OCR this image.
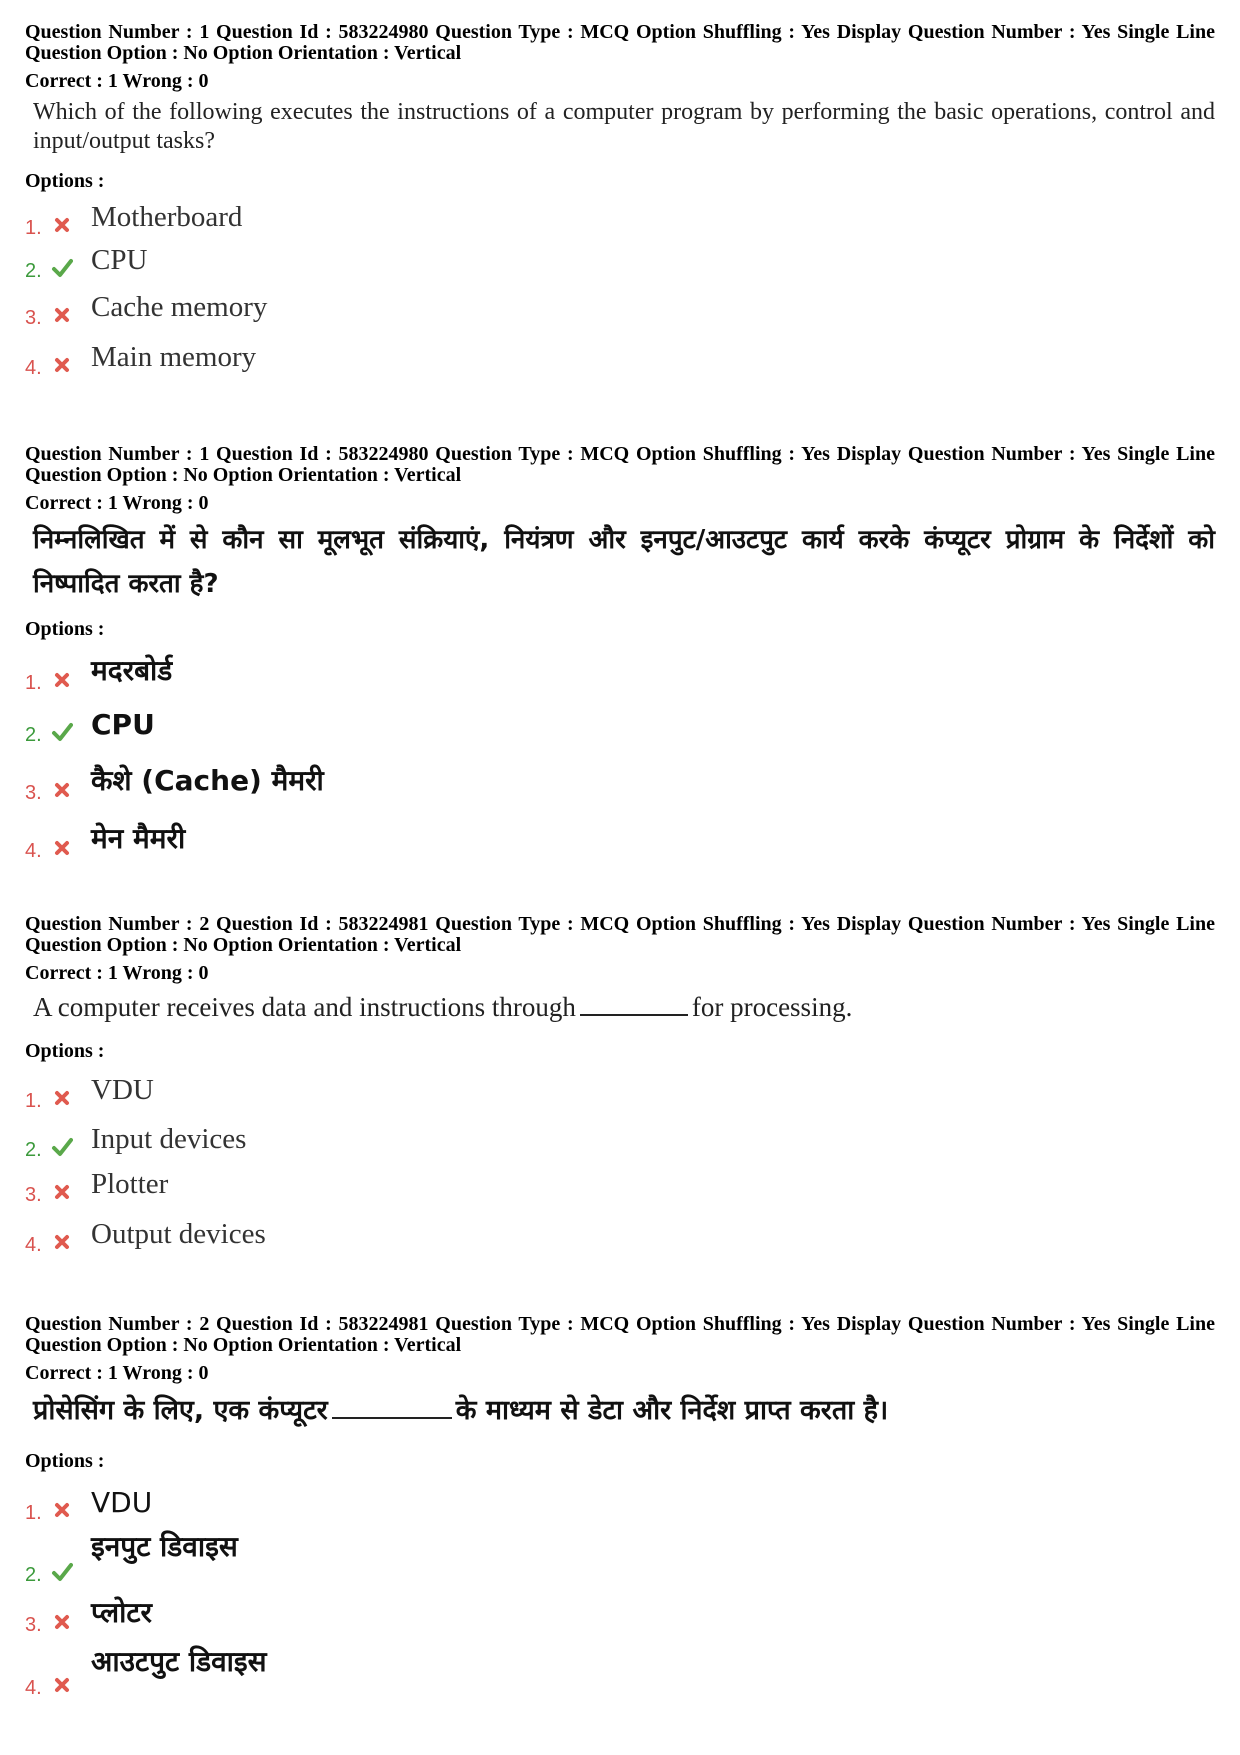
Question Number : 1 Question Id : 583224980 Question Type : MCQ Option Shuffling : Yes Display Question Number : Yes Single Line Question Option : No Option Orientation : Vertical
Correct : 1 Wrong : 0
Which of the following executes the instructions of a computer program by performing the basic operations, control and input/output tasks?
Options :
1. Motherboard
2. CPU
3. Cache memory
4. Main memory
Question Number : 1 Question Id : 583224980 Question Type : MCQ Option Shuffling : Yes Display Question Number : Yes Single Line Question Option : No Option Orientation : Vertical
Correct : 1 Wrong : 0
निम्नलिखित में से कौन सा मूलभूत संक्रियाएं, नियंत्रण और इनपुट/आउटपुट कार्य करके कंप्यूटर प्रोग्राम के निर्देशों को निष्पादित करता है?
Options :
1. मदरबोर्ड
2. CPU
3. कैशे (Cache) मैमरी
4. मेन मैमरी
Question Number : 2 Question Id : 583224981 Question Type : MCQ Option Shuffling : Yes Display Question Number : Yes Single Line Question Option : No Option Orientation : Vertical
Correct : 1 Wrong : 0
A computer receives data and instructions through	for processing.
Options :
1. VDU
2. Input devices
3. Plotter
4. Output devices
Question Number : 2 Question Id : 583224981 Question Type : MCQ Option Shuffling : Yes Display Question Number : Yes Single Line Question Option : No Option Orientation : Vertical
Correct : 1 Wrong : 0
प्रोसेसिंग के लिए, एक कंप्यूटर	के माध्यम से डेटा और निर्देश प्राप्त करता है।
Options :
1. VDU
2.
इनपुट डिवाइस
3. प्लोटर
4.
आउटपुट डिवाइस
